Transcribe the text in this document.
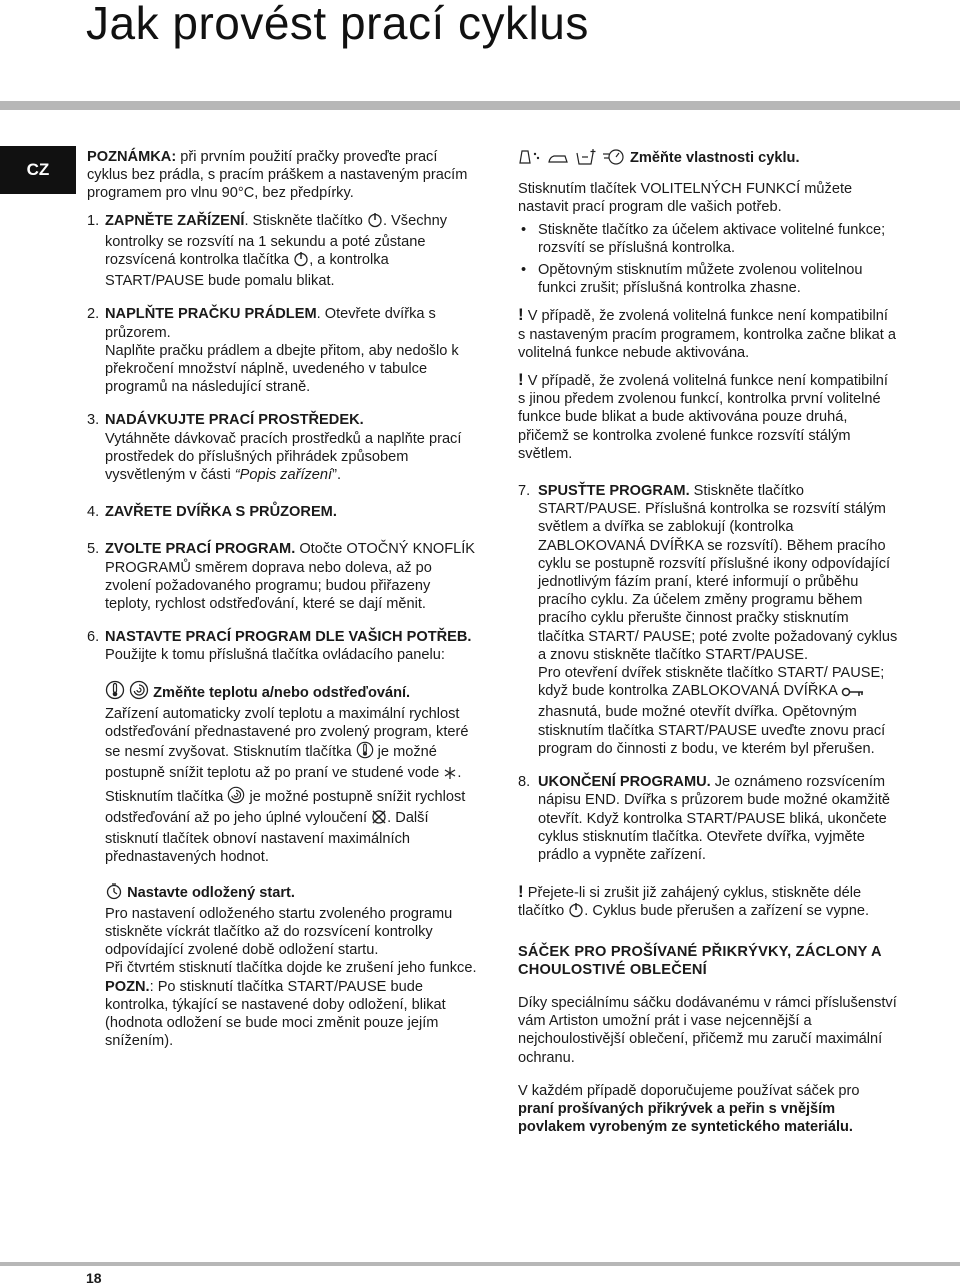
Jak provést prací cyklus
CZ

POZNÁMKA: při prvním použití pračky proveďte prací cyklus bez prádla, s pracím práškem a nastaveným pracím programem pro vlnu 90°C, bez předpírky.

1. ZAPNĚTE ZAŘÍZENÍ. Stiskněte tlačítko . Všechny kontrolky se rozsvítí na 1 sekundu a poté zůstane rozsvícená kontrolka tlačítka , a kontrolka START/PAUSE bude pomalu blikat.

2. NAPLŇTE PRAČKU PRÁDLEM. Otevřete dvířka s průzorem.

Naplňte pračku prádlem a dbejte přitom, aby nedošlo k překročení množství náplně, uvedeného v tabulce programů na následující straně.

3. NADÁVKUJTE PRACÍ PROSTŘEDEK.

Vytáhněte dávkovač pracích prostředků a naplňte prací prostředek do příslušných přihrádek způsobem vysvětleným v části “Popis zařízení”.

4. ZAVŘETE DVÍŘKA S PRŮZOREM.

5. ZVOLTE PRACÍ PROGRAM. Otočte OTOČNÝ KNOFLÍK PROGRAMŮ směrem doprava nebo doleva, až po zvolení požadovaného programu; budou přiřazeny teploty, rychlost odstřeďování, které se dají měnit.

6. NASTAVTE PRACÍ PROGRAM DLE VAŠICH POTŘEB. Použijte k tomu příslušná tlačítka ovládacího panelu:

Změňte teplotu a/nebo odstřeďování.

Zařízení automaticky zvolí teplotu a maximální rychlost odstřeďování přednastavené pro zvolený program, které se nesmí zvyšovat. Stisknutím tlačítka  je možné postupně snížit teplotu až po praní ve studené vode . Stisknutím tlačítka  je možné postupně snížit rychlost odstřeďování až po jeho úplné vyloučení . Další stisknutí tlačítek obnoví nastavení maximálních přednastavených hodnot.

Nastavte odložený start.

Pro nastavení odloženého startu zvoleného programu stiskněte víckrát tlačítko až do rozsvícení kontrolky odpovídající zvolené době odložení startu.

Při čtvrtém stisknutí tlačítka dojde ke zrušení jeho funkce.

POZN.: Po stisknutí tlačítka START/PAUSE bude kontrolka, týkající se nastavené doby odložení, blikat (hodnota odložení se bude moci změnit pouze jejím snížením).

Změňte vlastnosti cyklu.

Stisknutím tlačítek VOLITELNÝCH FUNKCÍ můžete nastavit prací program dle vašich potřeb.

• Stiskněte tlačítko za účelem aktivace volitelné funkce; rozsvítí se příslušná kontrolka.
• Opětovným stisknutím můžete zvolenou volitelnou funkci zrušit; příslušná kontrolka zhasne.

! V případě, že zvolená volitelná funkce není kompatibilní s nastaveným pracím programem, kontrolka začne blikat a volitelná funkce nebude aktivována.

! V případě, že zvolená volitelná funkce není kompatibilní s jinou předem zvolenou funkcí, kontrolka první volitelné funkce bude blikat a bude aktivována pouze druhá, přičemž se kontrolka zvolené funkce rozsvítí stálým světlem.

7. SPUSŤTE PROGRAM. Stiskněte tlačítko START/PAUSE. Příslušná kontrolka se rozsvítí stálým světlem a dvířka se zablokují (kontrolka ZABLOKOVANÁ DVÍŘKA se rozsvítí). Během pracího cyklu se postupně rozsvítí příslušné ikony odpovídající jednotlivým fázím praní, které informují o průběhu pracího cyklu. Za účelem změny programu během pracího cyklu přerušte činnost pračky stisknutím tlačítka START/ PAUSE; poté zvolte požadovaný cyklus a znovu stiskněte tlačítko START/PAUSE.

Pro otevření dvířek stiskněte tlačítko START/ PAUSE; když bude kontrolka ZABLOKOVANÁ DVÍŘKA  zhasnutá, bude možné otevřít dvířka. Opětovným stisknutím tlačítka START/PAUSE uveďte znovu prací program do činnosti z bodu, ve kterém byl přerušen.

8. UKONČENÍ PROGRAMU. Je oznámeno rozsvícením nápisu END. Dvířka s průzorem bude možné okamžitě otevřít. Když kontrolka START/PAUSE bliká, ukončete cyklus stisknutím tlačítka. Otevřete dvířka, vyjměte prádlo a vypněte zařízení.

! Přejete-li si zrušit již zahájený cyklus, stiskněte déle tlačítko . Cyklus bude přerušen a zařízení se vypne.

SÁČEK PRO PROŠÍVANÉ PŘIKRÝVKY, ZÁCLONY A CHOULOSTIVÉ OBLEČENÍ

Díky speciálnímu sáčku dodávanému v rámci příslušenství vám Artiston umožní prát i vase nejcennější a nejchoulostivější oblečení, přičemž mu zaručí maximální ochranu.

V každém případě doporučujeme používat sáček pro praní prošívaných přikrývek a peřin s vnějším povlakem vyrobeným ze syntetického materiálu.

18
